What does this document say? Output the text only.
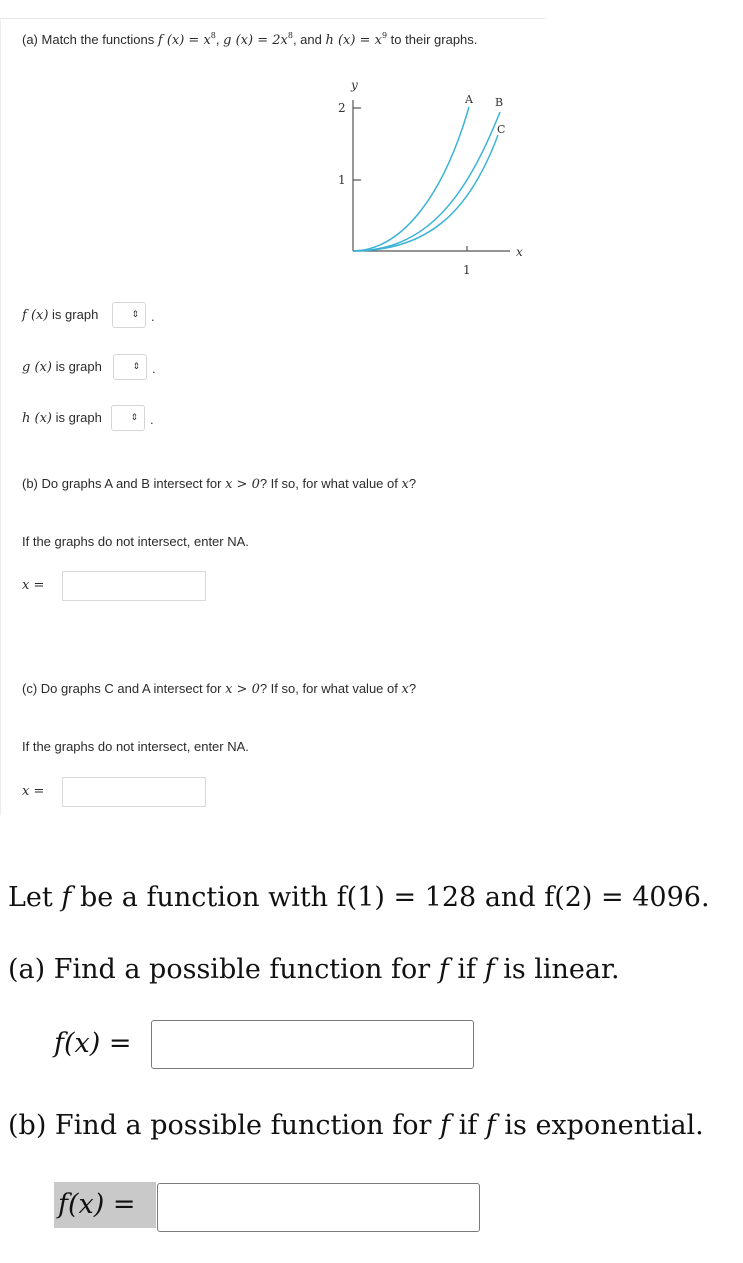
(a) Match the functions f $(x) = x^8$, g $(x) = 2x^8$, and h $(x) = x^9$ to their graphs.
y
2
1
1
x
A B
C
f (x) is graph	⇕ .
g (x) is graph	⇕ .
h (x) is graph	⇕ .
(b) Do graphs A and B intersect for x > 0? If so, for what value of x?
If the graphs do not intersect, enter NA.
x =
(c) Do graphs C and A intersect for x > 0? If so, for what value of x?
If the graphs do not intersect, enter NA.
x =
Let f be a function with f(1) = 128 and f(2) = 4096.
(a) Find a possible function for f if f is linear.
f(x) =
(b) Find a possible function for f if f is exponential.
f(x) =
